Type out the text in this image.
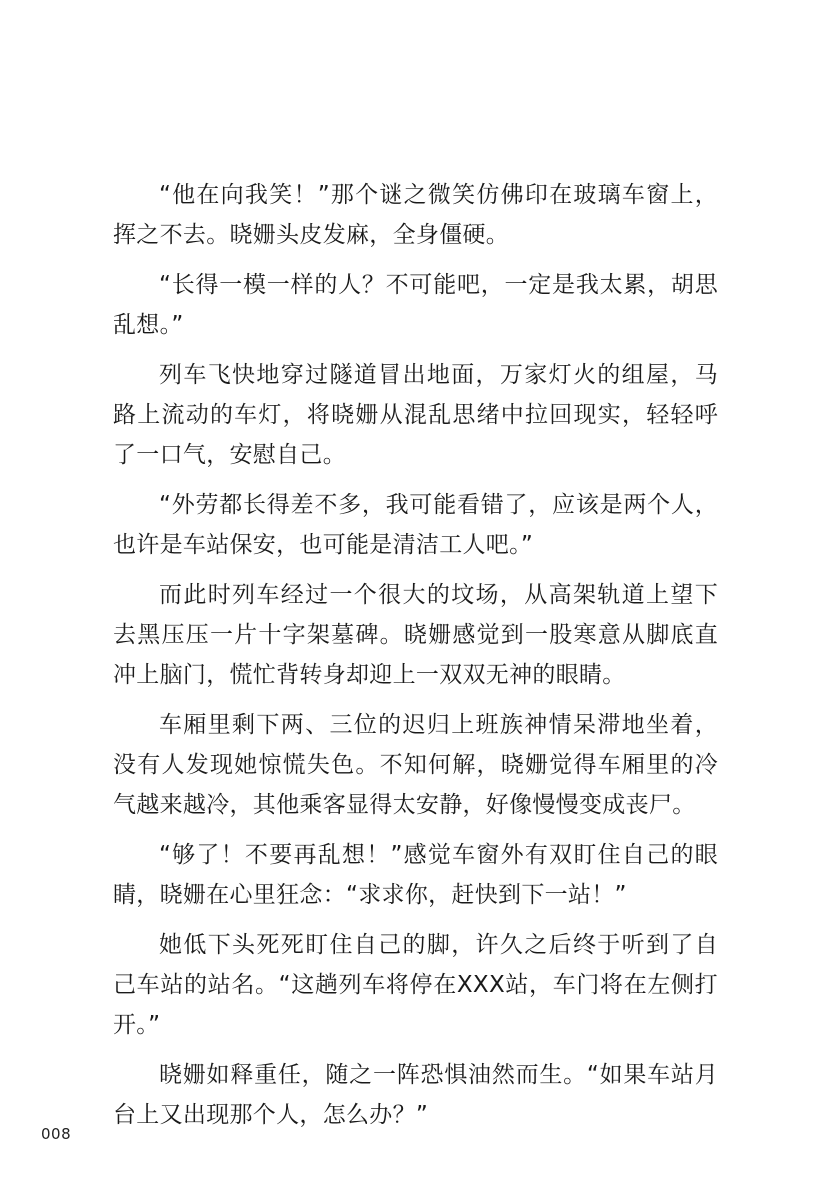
“他在向我笑！”那个谜之微笑仿佛印在玻璃车窗上，挥之不去。晓姗头皮发麻，全身僵硬。

“长得一模一样的人？不可能吧，一定是我太累，胡思乱想。”

列车飞快地穿过隧道冒出地面，万家灯火的组屋，马路上流动的车灯，将晓姗从混乱思绪中拉回现实，轻轻呼了一口气，安慰自己。

“外劳都长得差不多，我可能看错了，应该是两个人，也许是车站保安，也可能是清洁工人吧。”

而此时列车经过一个很大的坟场，从高架轨道上望下去黑压压一片十字架墓碑。晓姗感觉到一股寒意从脚底直冲上脑门，慌忙背转身却迎上一双双无神的眼睛。

车厢里剩下两、三位的迟归上班族神情呆滞地坐着，没有人发现她惊慌失色。不知何解，晓姗觉得车厢里的冷气越来越冷，其他乘客显得太安静，好像慢慢变成丧尸。

“够了！不要再乱想！”感觉车窗外有双盯住自己的眼睛，晓姗在心里狂念：“求求你，赶快到下一站！”

她低下头死死盯住自己的脚，许久之后终于听到了自己车站的站名。“这趟列车将停在XXX站，车门将在左侧打开。”

晓姗如释重任，随之一阵恐惧油然而生。“如果车站月台上又出现那个人，怎么办？”

008
